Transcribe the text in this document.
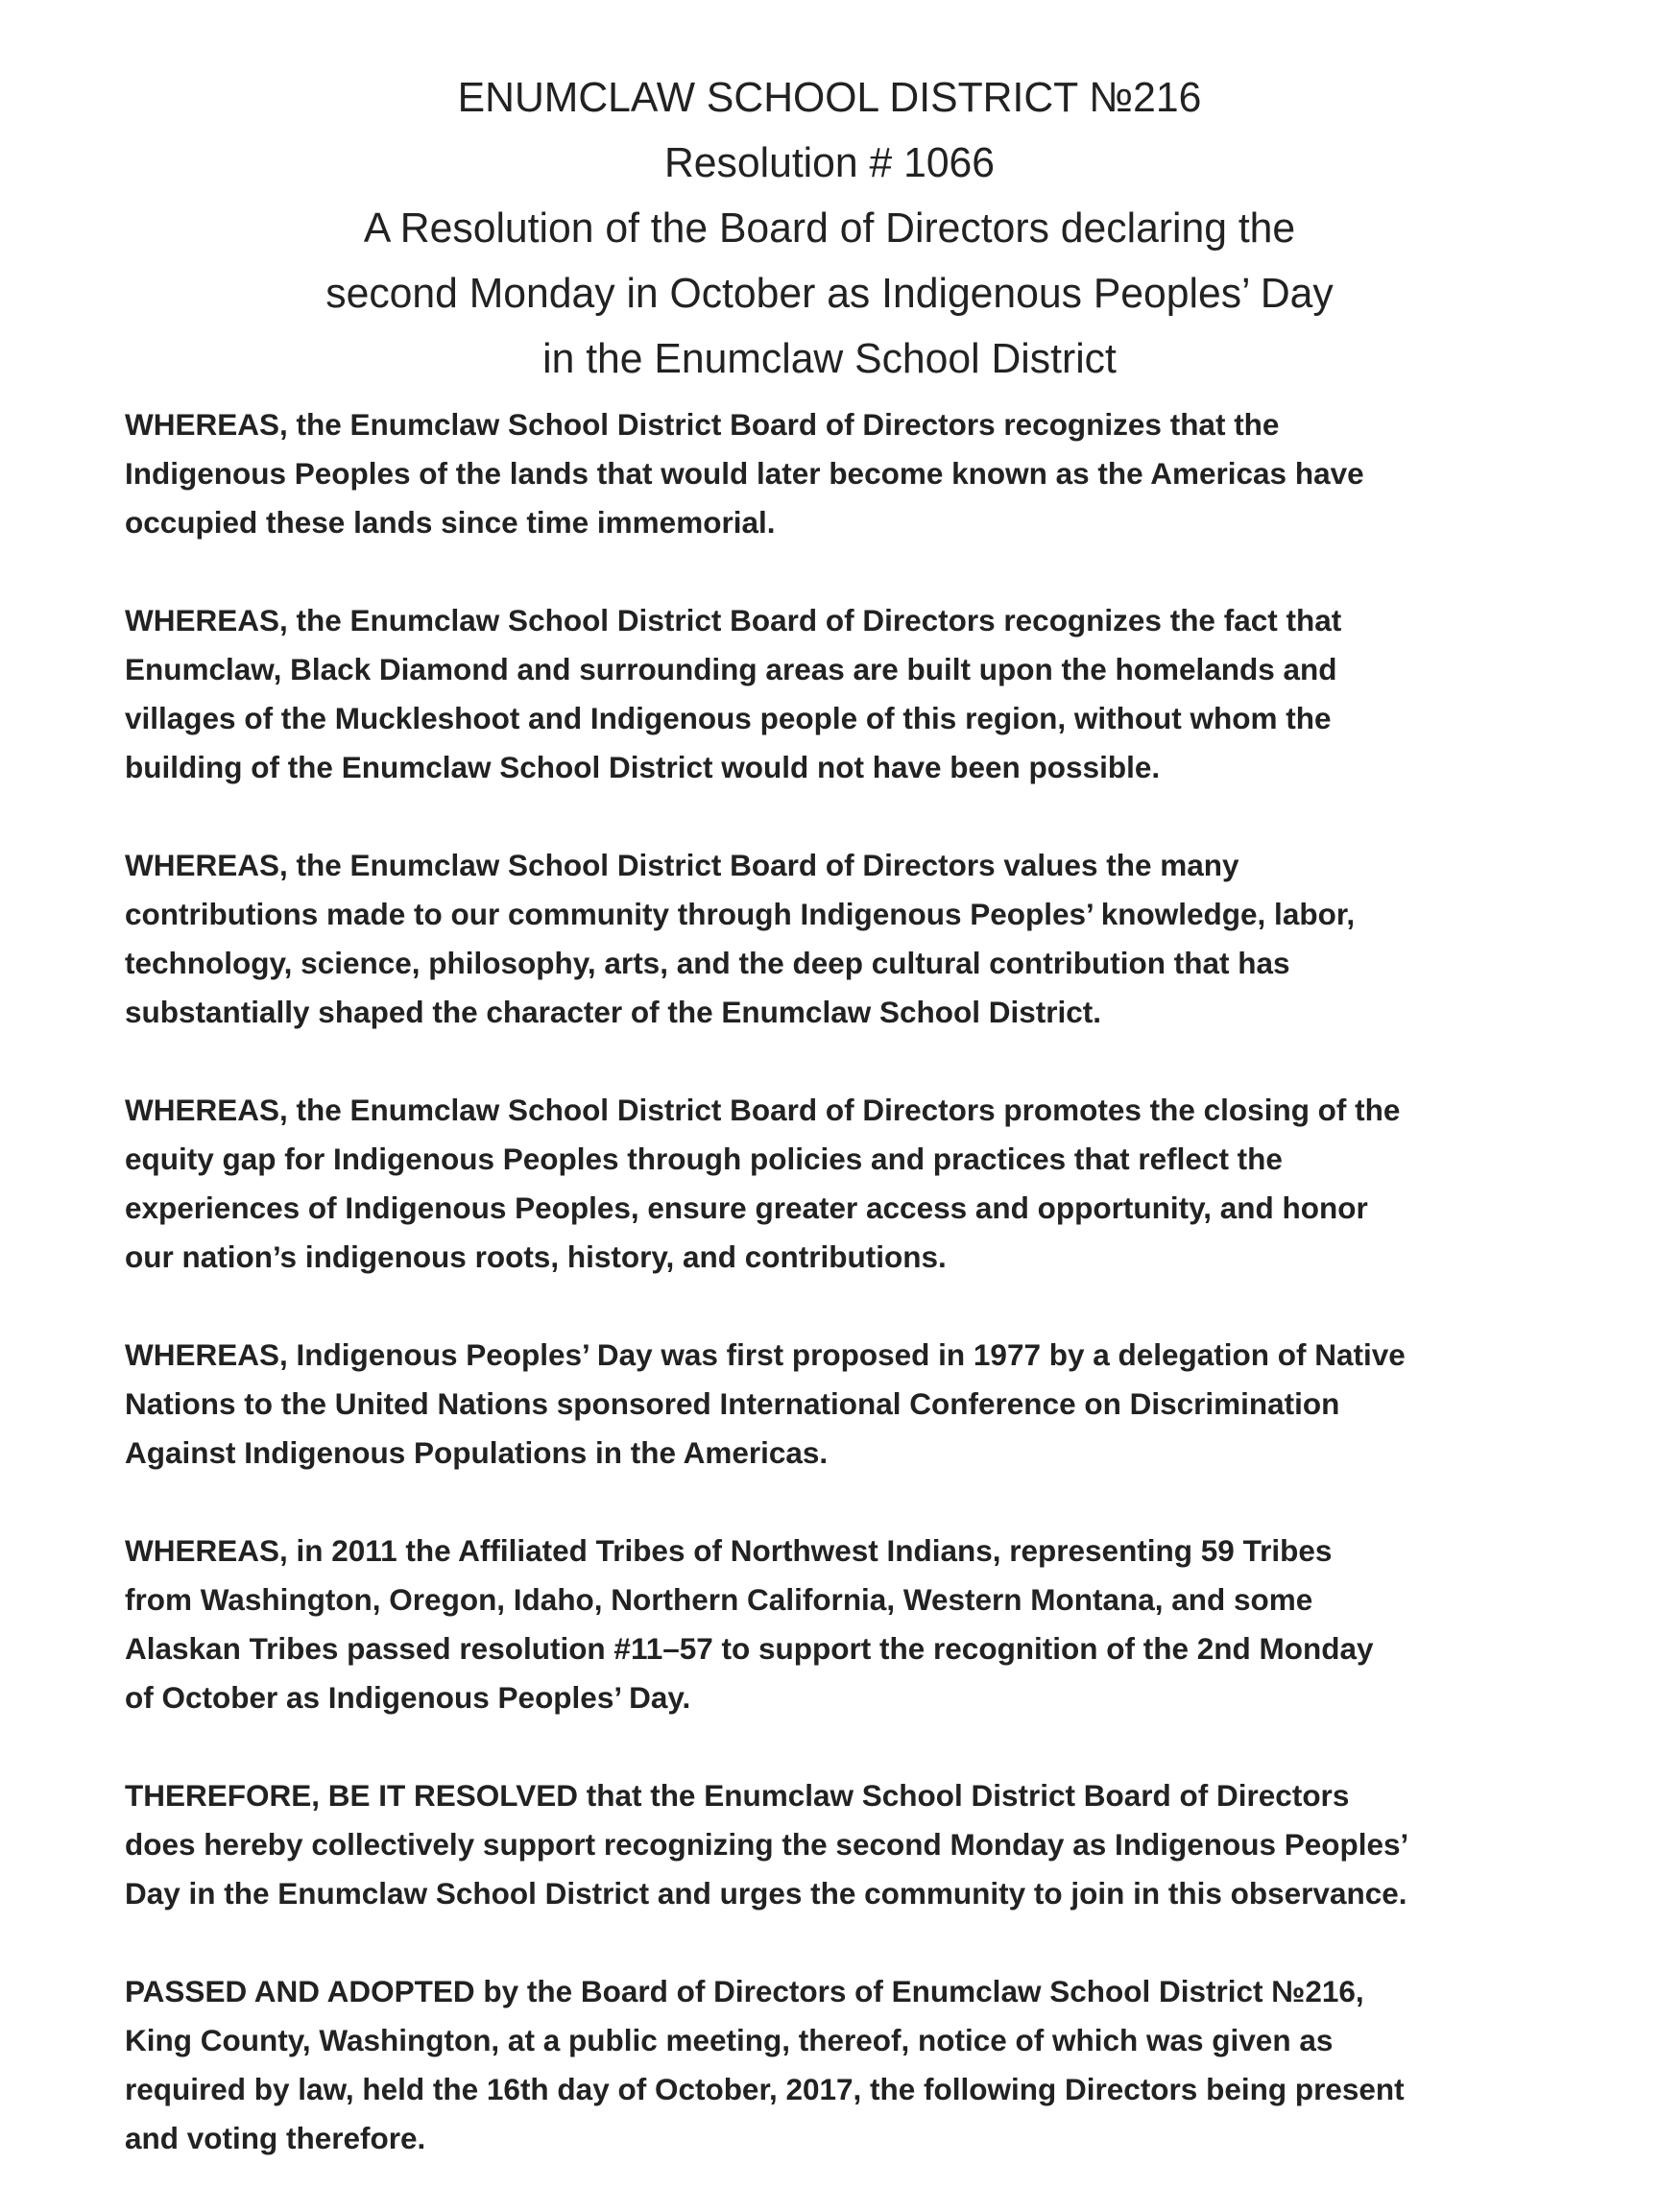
ENUMCLAW SCHOOL DISTRICT №216
Resolution # 1066
A Resolution of the Board of Directors declaring the
second Monday in October as Indigenous Peoples’ Day
in the Enumclaw School District

WHEREAS, the Enumclaw School District Board of Directors recognizes that the
Indigenous Peoples of the lands that would later become known as the Americas have
occupied these lands since time immemorial.

WHEREAS, the Enumclaw School District Board of Directors recognizes the fact that
Enumclaw, Black Diamond and surrounding areas are built upon the homelands and
villages of the Muckleshoot and Indigenous people of this region, without whom the
building of the Enumclaw School District would not have been possible.

WHEREAS, the Enumclaw School District Board of Directors values the many
contributions made to our community through Indigenous Peoples’ knowledge, labor,
technology, science, philosophy, arts, and the deep cultural contribution that has
substantially shaped the character of the Enumclaw School District.

WHEREAS, the Enumclaw School District Board of Directors promotes the closing of the
equity gap for Indigenous Peoples through policies and practices that reflect the
experiences of Indigenous Peoples, ensure greater access and opportunity, and honor
our nation’s indigenous roots, history, and contributions.

WHEREAS, Indigenous Peoples’ Day was first proposed in 1977 by a delegation of Native
Nations to the United Nations sponsored International Conference on Discrimination
Against Indigenous Populations in the Americas.

WHEREAS, in 2011 the Affiliated Tribes of Northwest Indians, representing 59 Tribes
from Washington, Oregon, Idaho, Northern California, Western Montana, and some
Alaskan Tribes passed resolution #11–57 to support the recognition of the 2nd Monday
of October as Indigenous Peoples’ Day.

THEREFORE, BE IT RESOLVED that the Enumclaw School District Board of Directors
does hereby collectively support recognizing the second Monday as Indigenous Peoples’
Day in the Enumclaw School District and urges the community to join in this observance.

PASSED AND ADOPTED by the Board of Directors of Enumclaw School District №216,
King County, Washington, at a public meeting, thereof, notice of which was given as
required by law, held the 16th day of October, 2017, the following Directors being present
and voting therefore.
